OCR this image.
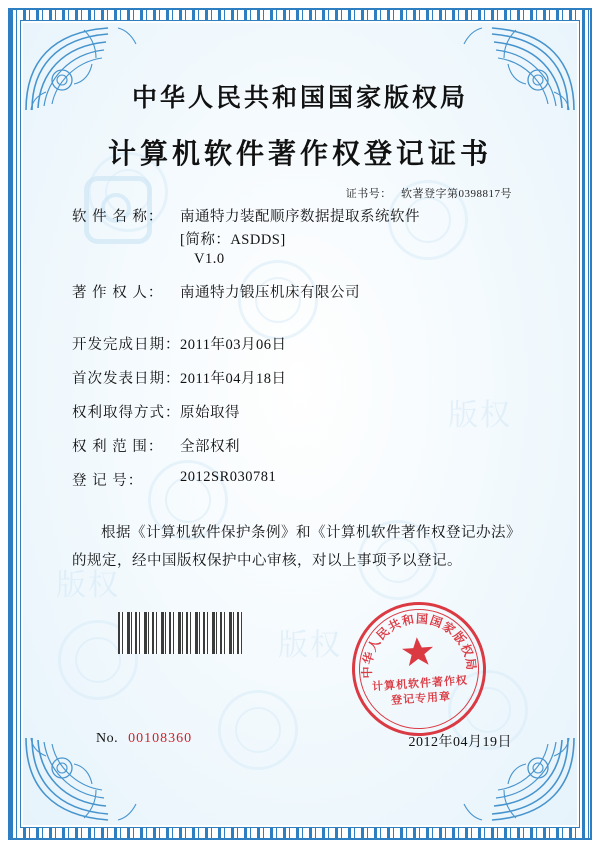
版权
版权
版权
中华人民共和国国家版权局
计算机软件著作权登记证书
证书号： 软著登字第0398817号
软 件 名 称：	南通特力装配顺序数据提取系统软件
[简称：ASDDS]
V1.0
著 作 权 人：	南通特力锻压机床有限公司
开发完成日期： 2011年03月06日
首次发表日期： 2011年04月18日
权利取得方式： 原始取得
权 利 范 围：	全部权利
登 记 号：	2012SR030781
根据《计算机软件保护条例》和《计算机软件著作权登记办法》的规定，经中国版权保护中心审核，对以上事项予以登记。
中华人民共和国国家版权局
计算机软件著作权
登记专用章
No. 00108360	2012年04月19日
